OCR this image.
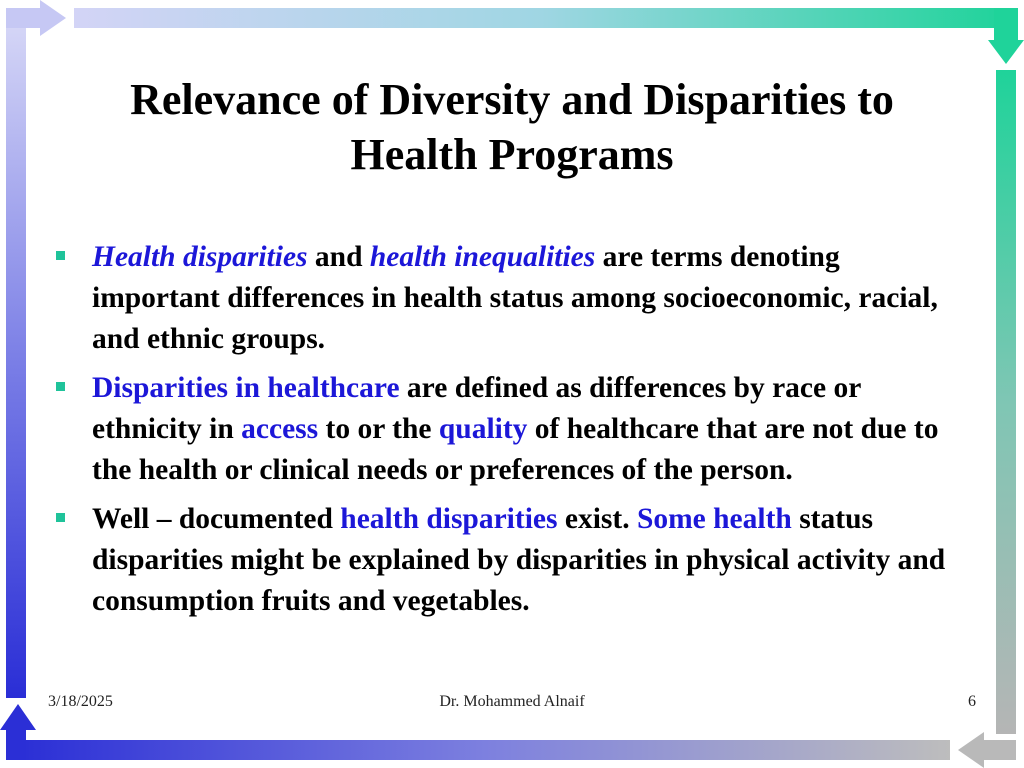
Relevance of Diversity and Disparities to
Health Programs
Health disparities and health inequalities are terms denoting important differences in health status among socioeconomic, racial, and ethnic groups.
Disparities in healthcare are defined as differences by race or ethnicity in access to or the quality of healthcare that are not due to the health or clinical needs or preferences of the person.
Well – documented health disparities exist. Some health status disparities might be explained by disparities in physical activity and consumption fruits and vegetables.
3/18/2025	Dr. Mohammed Alnaif	6
